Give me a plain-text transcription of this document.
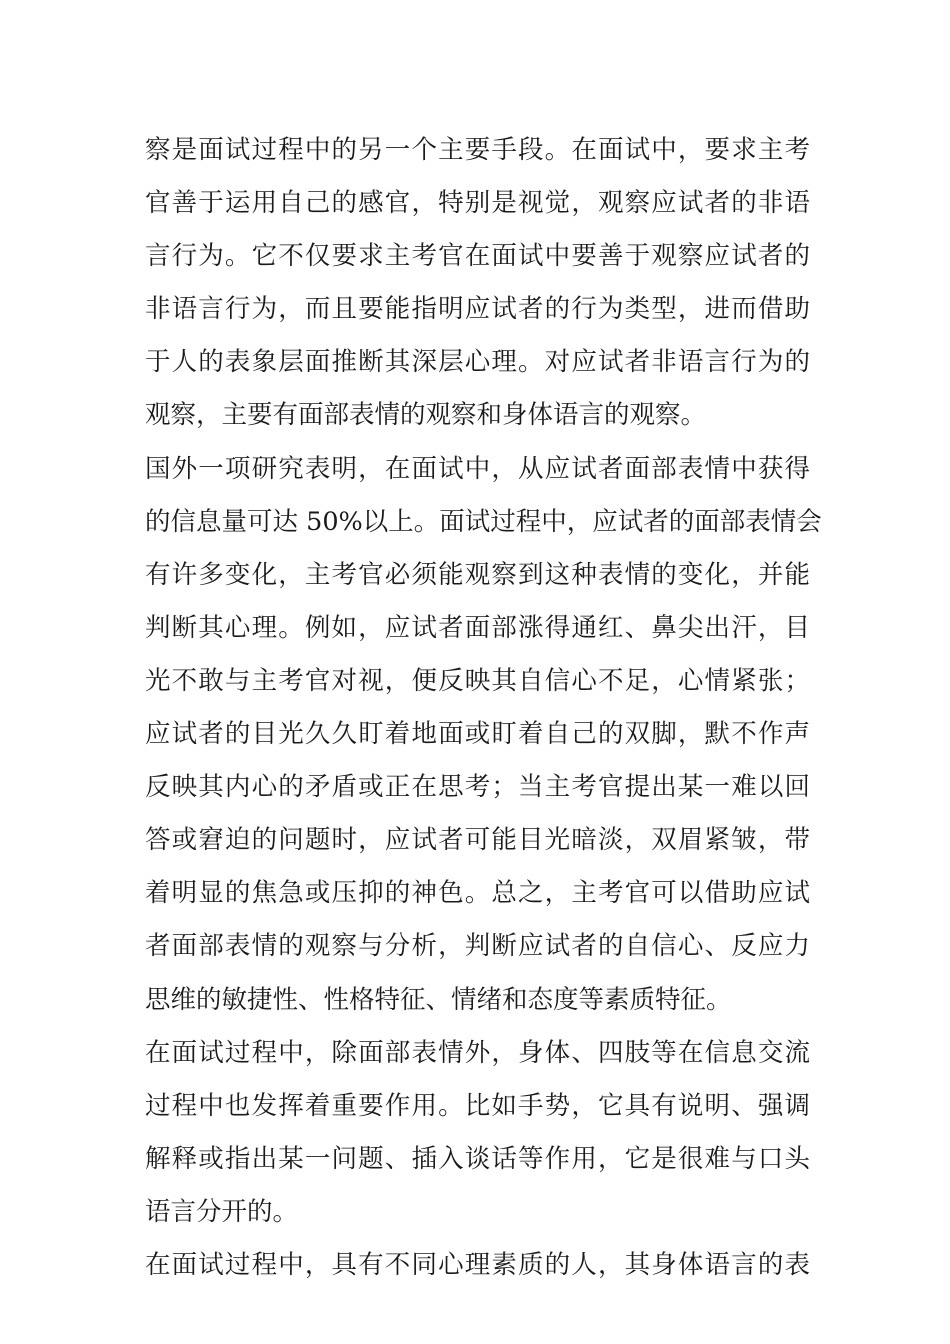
察是面试过程中的另一个主要手段。在面试中，要求主考
官善于运用自己的感官，特别是视觉，观察应试者的非语
言行为。它不仅要求主考官在面试中要善于观察应试者的
非语言行为，而且要能指明应试者的行为类型，进而借助
于人的表象层面推断其深层心理。对应试者非语言行为的
观察，主要有面部表情的观察和身体语言的观察。
国外一项研究表明，在面试中，从应试者面部表情中获得
的信息量可达 50%以上。面试过程中，应试者的面部表情会
有许多变化，主考官必须能观察到这种表情的变化，并能
判断其心理。例如，应试者面部涨得通红、鼻尖出汗，目
光不敢与主考官对视，便反映其自信心不足，心情紧张；
应试者的目光久久盯着地面或盯着自己的双脚，默不作声
反映其内心的矛盾或正在思考；当主考官提出某一难以回
答或窘迫的问题时，应试者可能目光暗淡，双眉紧皱，带
着明显的焦急或压抑的神色。总之，主考官可以借助应试
者面部表情的观察与分析，判断应试者的自信心、反应力
思维的敏捷性、性格特征、情绪和态度等素质特征。
在面试过程中，除面部表情外，身体、四肢等在信息交流
过程中也发挥着重要作用。比如手势，它具有说明、强调
解释或指出某一问题、插入谈话等作用，它是很难与口头
语言分开的。
在面试过程中，具有不同心理素质的人，其身体语言的表
